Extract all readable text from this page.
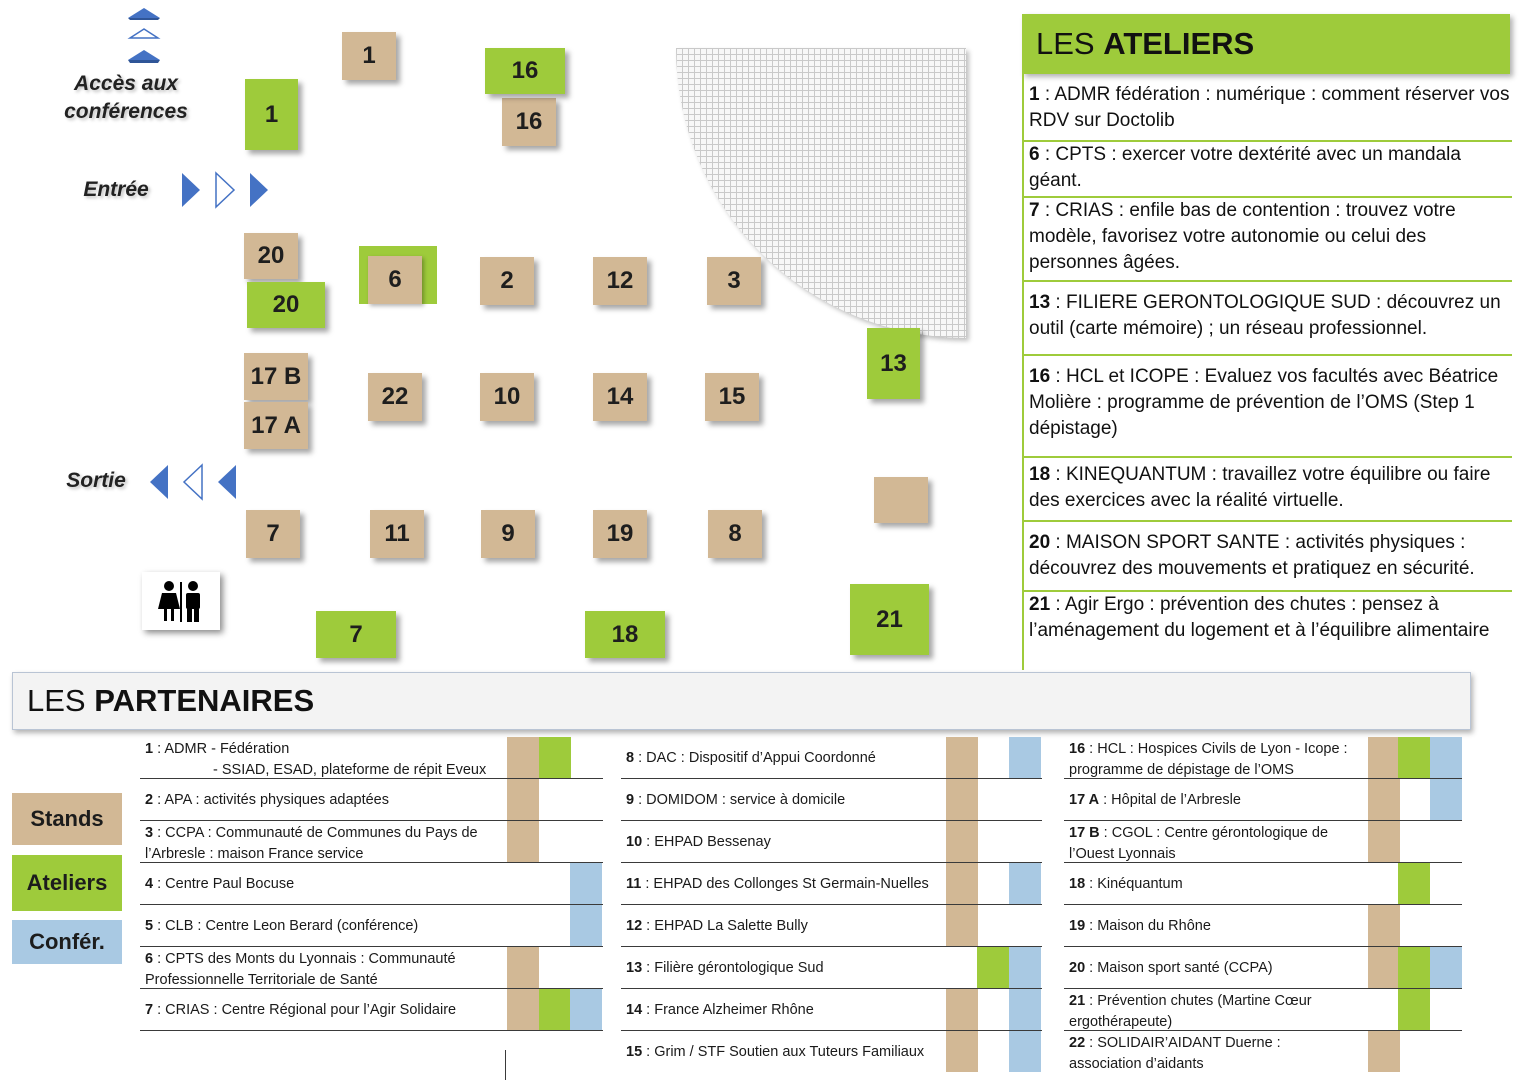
Accès aux conférences
Entrée
Sortie
1
16
20
6	2	12	3
17 B
17 A
22	10	14	15
7	11	9	19	8
16
1
20
13
7	18
21
LES
ATELIERS
1 : ADMR fédération : numérique : comment réserver vos RDV sur Doctolib
6 : CPTS : exercer votre dextérité avec un mandala géant.
7 : CRIAS : enfile bas de contention : trouvez votre modèle, favorisez votre autonomie ou celui des personnes âgées.
13 : FILIERE GERONTOLOGIQUE SUD : découvrez un outil (carte mémoire) ; un réseau professionnel.
16 : HCL et ICOPE : Evaluez vos facultés avec Béatrice Molière : programme de prévention de l’OMS (Step 1 dépistage)
18 : KINEQUANTUM : travaillez votre équilibre ou faire des exercices avec la réalité virtuelle.
20 : MAISON SPORT SANTE : activités physiques : découvrez des mouvements et pratiquez en sécurité.
21 : Agir Ergo : prévention des chutes : pensez à l’aménagement du logement et à l’équilibre alimentaire
LES
PARTENAIRES
Stands
Ateliers
Confér.
1 : ADMR - Fédération
- SSIAD, ESAD, plateforme de répit Eveux
2 : APA : activités physiques adaptées
3 : CCPA : Communauté de Communes du Pays de
l’Arbresle : maison France service
4 : Centre Paul Bocuse
5 : CLB : Centre Leon Berard (conférence)
6 : CPTS des Monts du Lyonnais : Communauté
Professionnelle Territoriale de Santé
7 : CRIAS : Centre Régional pour l’Agir Solidaire
8 : DAC : Dispositif d’Appui Coordonné
9 : DOMIDOM : service à domicile
10 : EHPAD Bessenay
11 : EHPAD des Collonges St Germain-Nuelles
12 : EHPAD La Salette Bully
13 : Filière gérontologique Sud
14 : France Alzheimer Rhône
15 : Grim / STF Soutien aux Tuteurs Familiaux
16 : HCL : Hospices Civils de Lyon - Icope :
programme de dépistage de l’OMS
17 A : Hôpital de l’Arbresle
17 B : CGOL : Centre gérontologique de
l’Ouest Lyonnais
18 : Kinéquantum
19 : Maison du Rhône
20 : Maison sport santé (CCPA)
21 : Prévention chutes (Martine Cœur
ergothérapeute)
22 : SOLIDAIR’AIDANT Duerne :
association d’aidants
